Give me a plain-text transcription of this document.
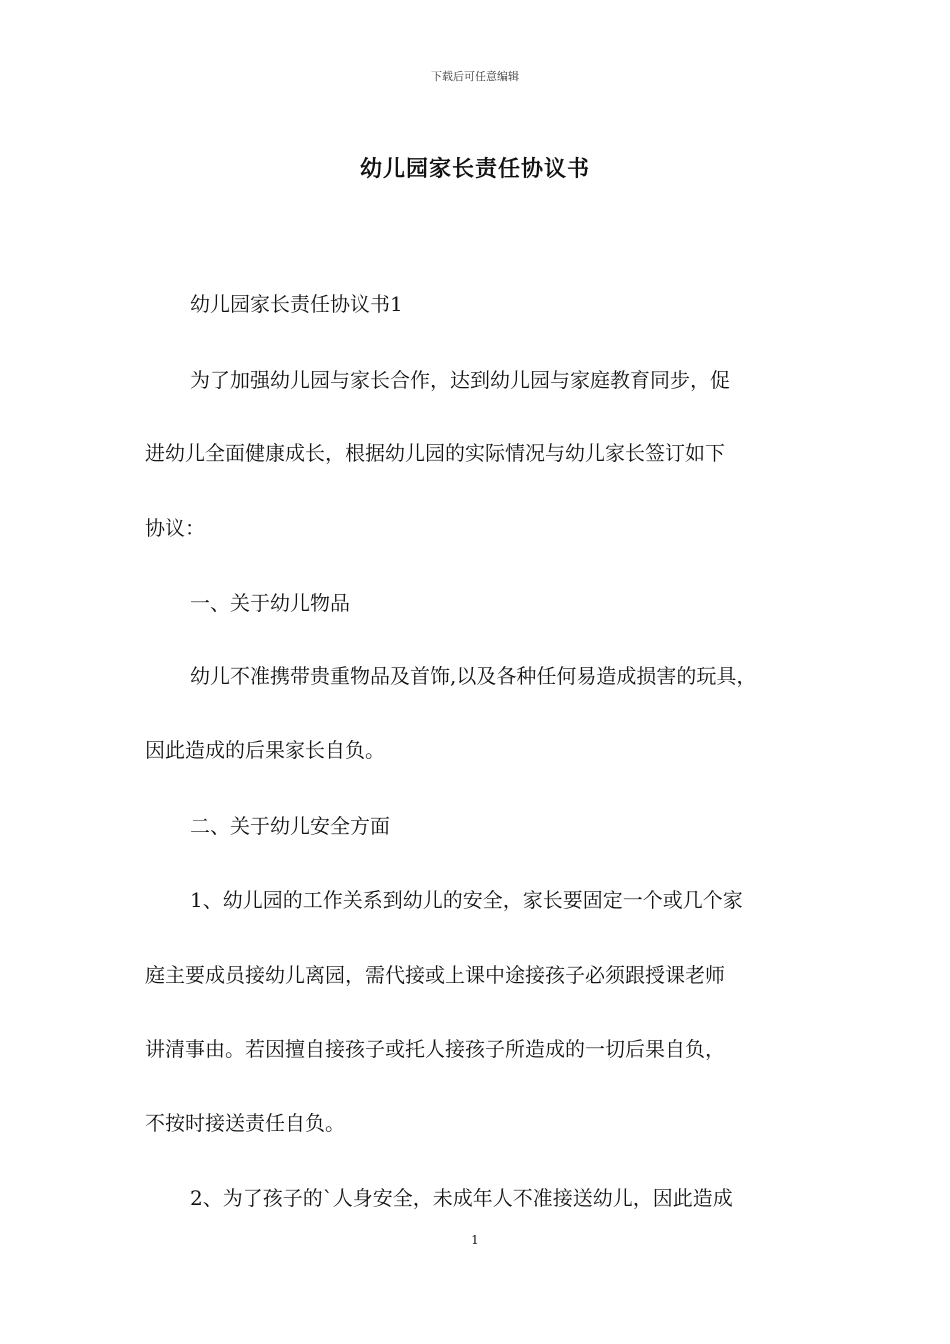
下载后可任意编辑
幼儿园家长责任协议书
幼儿园家长责任协议书1
为了加强幼儿园与家长合作，达到幼儿园与家庭教育同步，促
进幼儿全面健康成长，根据幼儿园的实际情况与幼儿家长签订如下
协议：
一、关于幼儿物品
幼儿不准携带贵重物品及首饰,以及各种任何易造成损害的玩具，
因此造成的后果家长自负。
二、关于幼儿安全方面
1、幼儿园的工作关系到幼儿的安全，家长要固定一个或几个家
庭主要成员接幼儿离园，需代接或上课中途接孩子必须跟授课老师
讲清事由。若因擅自接孩子或托人接孩子所造成的一切后果自负，
不按时接送责任自负。
2、为了孩子的`人身安全，未成年人不准接送幼儿，因此造成
1
